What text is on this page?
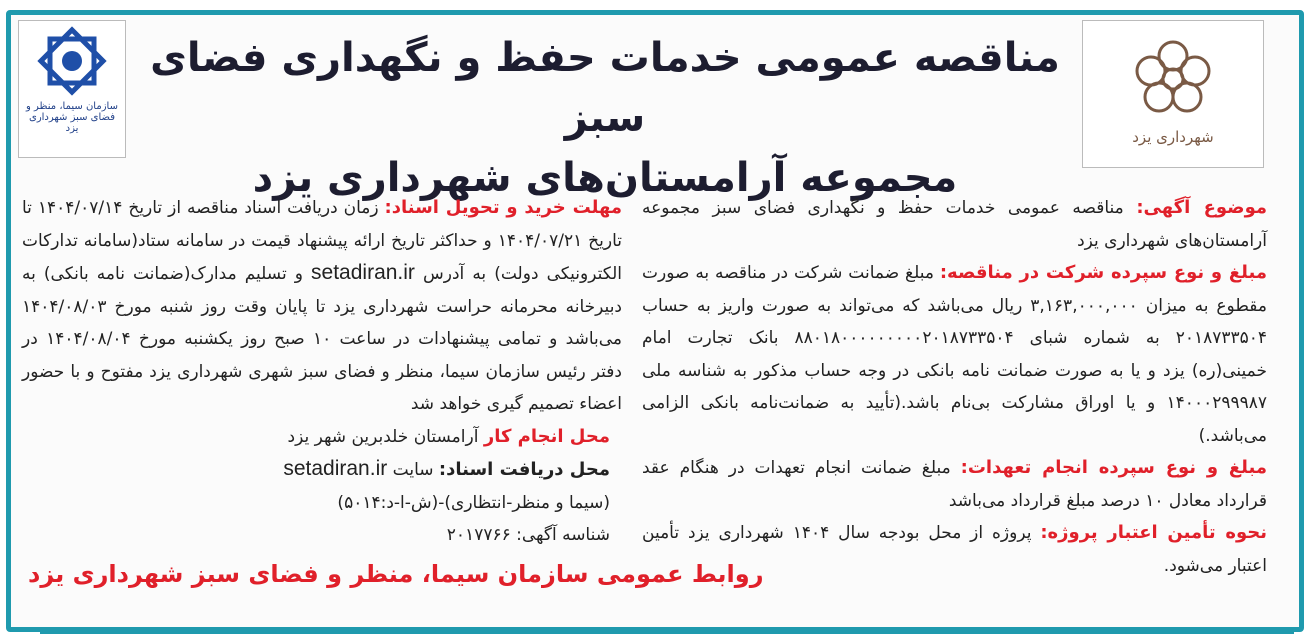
شهرداری یزد
سازمان سیما، منظر و فضای سبز شهرداری یزد
مناقصه عمومی خدمات حفظ و نگهداری فضای سبز
مجموعه آرامستان‌های شهرداری یزد

موضوع آگهی: مناقصه عمومی خدمات حفظ و نگهداری فضای سبز مجموعه آرامستان‌های شهرداری یزد

مبلغ و نوع سپرده شرکت در مناقصه: مبلغ ضمانت شرکت در مناقصه به صورت مقطوع به میزان ۳,۱۶۳,۰۰۰,۰۰۰ ریال می‌باشد که می‌تواند به صورت واریز به حساب ۲۰۱۸۷۳۳۵۰۴ به شماره شبای ۸۸۰۱۸۰۰۰۰۰۰۰۰۰۲۰۱۸۷۳۳۵۰۴ بانک تجارت امام خمینی(ره) یزد و یا به صورت ضمانت نامه بانکی در وجه حساب مذکور به شناسه ملی ۱۴۰۰۰۲۹۹۹۸۷ و یا اوراق مشارکت بی‌نام باشد.(تأیید به ضمانت‌نامه بانکی الزامی می‌باشد.)

مبلغ و نوع سپرده انجام تعهدات: مبلغ ضمانت انجام تعهدات در هنگام عقد قرارداد معادل ۱۰ درصد مبلغ قرارداد می‌باشد

نحوه تأمین اعتبار پروژه: پروژه از محل بودجه سال ۱۴۰۴ شهرداری یزد تأمین اعتبار می‌شود.

مهلت خرید و تحویل اسناد: زمان دریافت اسناد مناقصه از تاریخ ۱۴۰۴/۰۷/۱۴ تا تاریخ ۱۴۰۴/۰۷/۲۱ و حداکثر تاریخ ارائه پیشنهاد قیمت در سامانه ستاد(سامانه تدارکات الکترونیکی دولت) به آدرس setadiran.ir و تسلیم مدارک(ضمانت نامه بانکی) به دبیرخانه محرمانه حراست شهرداری یزد تا پایان وقت روز شنبه مورخ ۱۴۰۴/۰۸/۰۳ می‌باشد و تمامی پیشنهادات در ساعت ۱۰ صبح روز یکشنبه مورخ ۱۴۰۴/۰۸/۰۴ در دفتر رئیس سازمان سیما، منظر و فضای سبز شهری شهرداری یزد مفتوح و با حضور اعضاء تصمیم گیری خواهد شد

محل انجام کار آرامستان خلدبرین شهر یزد

محل دریافت اسناد: سایت setadiran.ir

(سیما و منظر-انتظاری)-(ش-ا-د:۵۰۱۴)

شناسه آگهی: ۲۰۱۷۷۶۶

روابط عمومی سازمان سیما، منظر و فضای سبز شهرداری یزد
